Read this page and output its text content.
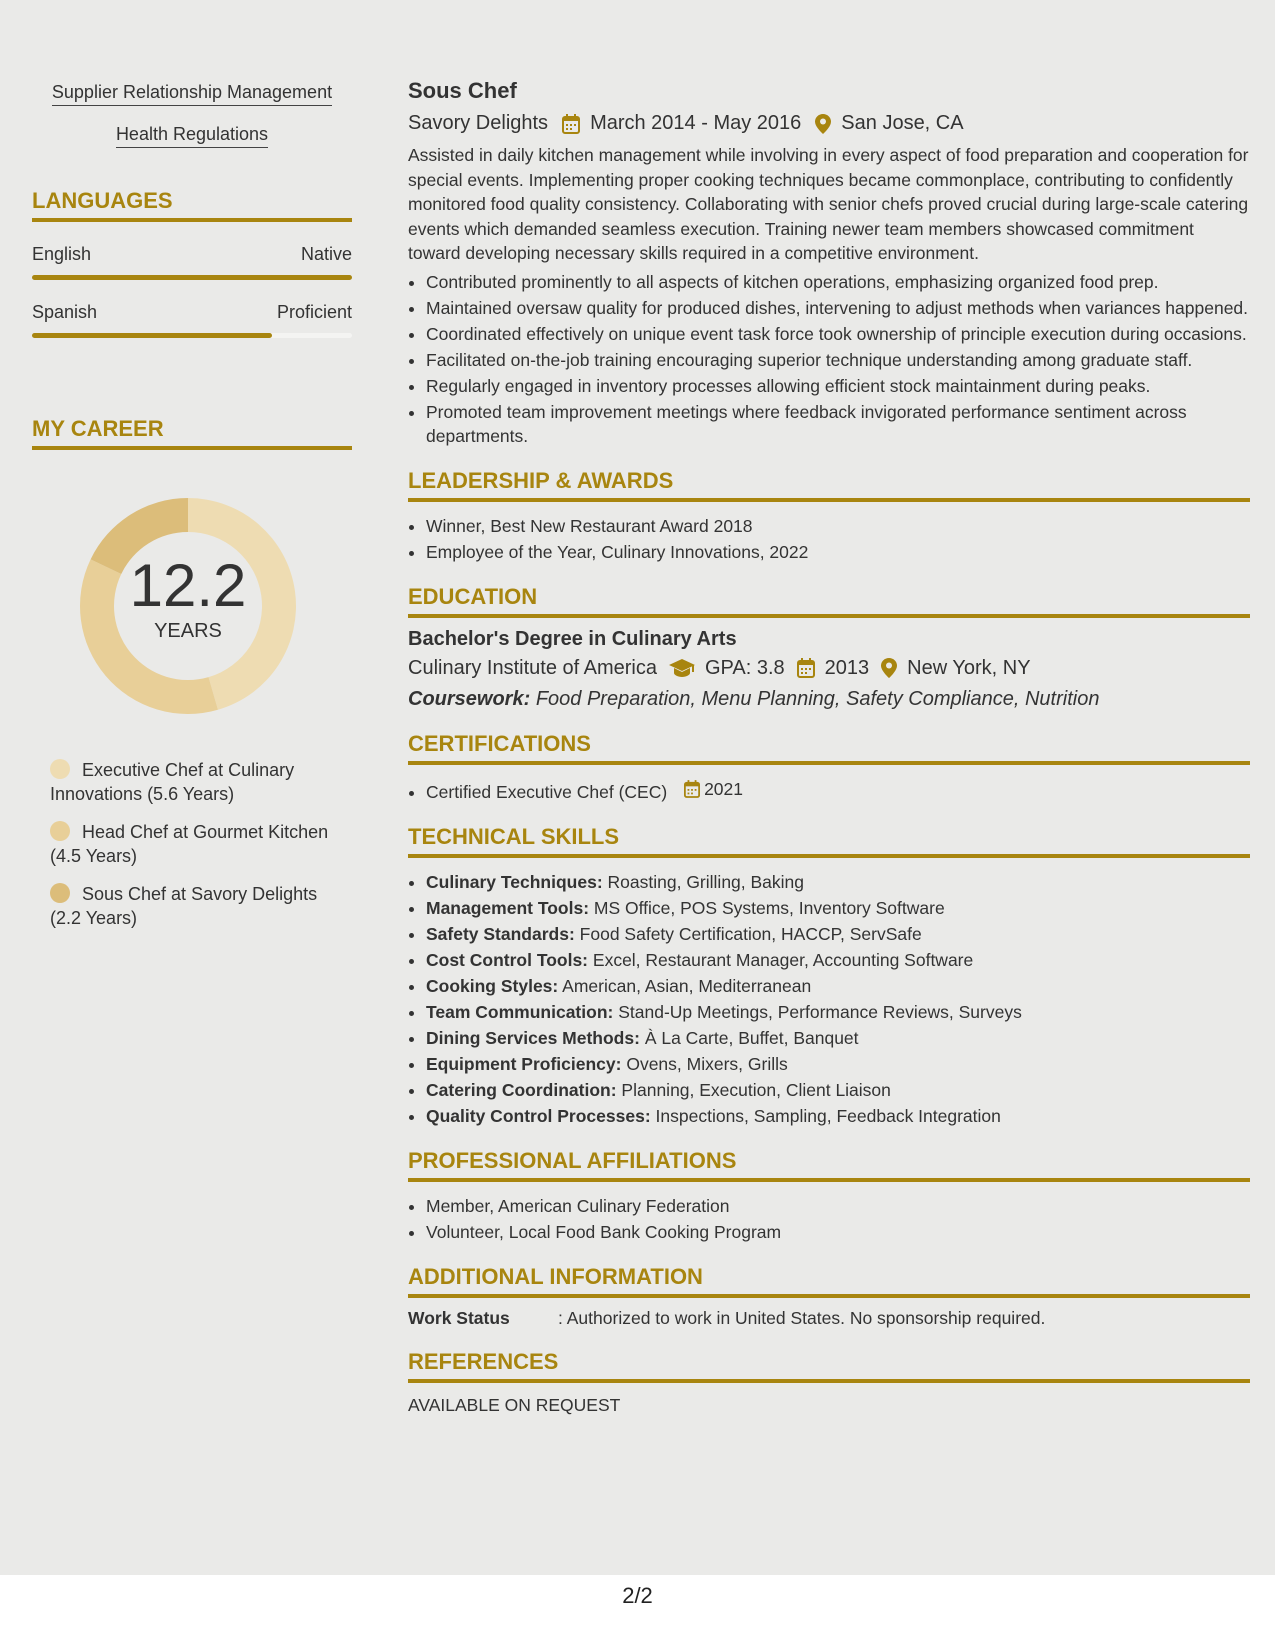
Supplier Relationship Management
Health Regulations
LANGUAGES
English	Native
Spanish	Proficient
MY CAREER
12.2
YEARS
Executive Chef at Culinary Innovations (5.6 Years)
Head Chef at Gourmet Kitchen (4.5 Years)
Sous Chef at Savory Delights (2.2 Years)
Sous Chef
Savory Delights March 2014 - May 2016 San Jose, CA
Assisted in daily kitchen management while involving in every aspect of food preparation and cooperation for special events. Implementing proper cooking techniques became commonplace, contributing to confidently monitored food quality consistency. Collaborating with senior chefs proved crucial during large-scale catering events which demanded seamless execution. Training newer team members showcased commitment toward developing necessary skills required in a competitive environment.
• Contributed prominently to all aspects of kitchen operations, emphasizing organized food prep.
• Maintained oversaw quality for produced dishes, intervening to adjust methods when variances happened.
• Coordinated effectively on unique event task force took ownership of principle execution during occasions.
• Facilitated on-the-job training encouraging superior technique understanding among graduate staff.
• Regularly engaged in inventory processes allowing efficient stock maintainment during peaks.
• Promoted team improvement meetings where feedback invigorated performance sentiment across departments.
LEADERSHIP & AWARDS
• Winner, Best New Restaurant Award 2018
• Employee of the Year, Culinary Innovations, 2022
EDUCATION
Bachelor's Degree in Culinary Arts
Culinary Institute of America GPA: 3.8 2013 New York, NY
Coursework: Food Preparation, Menu Planning, Safety Compliance, Nutrition
CERTIFICATIONS
• Certified Executive Chef (CEC) 2021
TECHNICAL SKILLS
• Culinary Techniques: Roasting, Grilling, Baking
• Management Tools: MS Office, POS Systems, Inventory Software
• Safety Standards: Food Safety Certification, HACCP, ServSafe
• Cost Control Tools: Excel, Restaurant Manager, Accounting Software
• Cooking Styles: American, Asian, Mediterranean
• Team Communication: Stand-Up Meetings, Performance Reviews, Surveys
• Dining Services Methods: À La Carte, Buffet, Banquet
• Equipment Proficiency: Ovens, Mixers, Grills
• Catering Coordination: Planning, Execution, Client Liaison
• Quality Control Processes: Inspections, Sampling, Feedback Integration
PROFESSIONAL AFFILIATIONS
• Member, American Culinary Federation
• Volunteer, Local Food Bank Cooking Program
ADDITIONAL INFORMATION
Work Status	: Authorized to work in United States. No sponsorship required.
REFERENCES
AVAILABLE ON REQUEST
2/2
